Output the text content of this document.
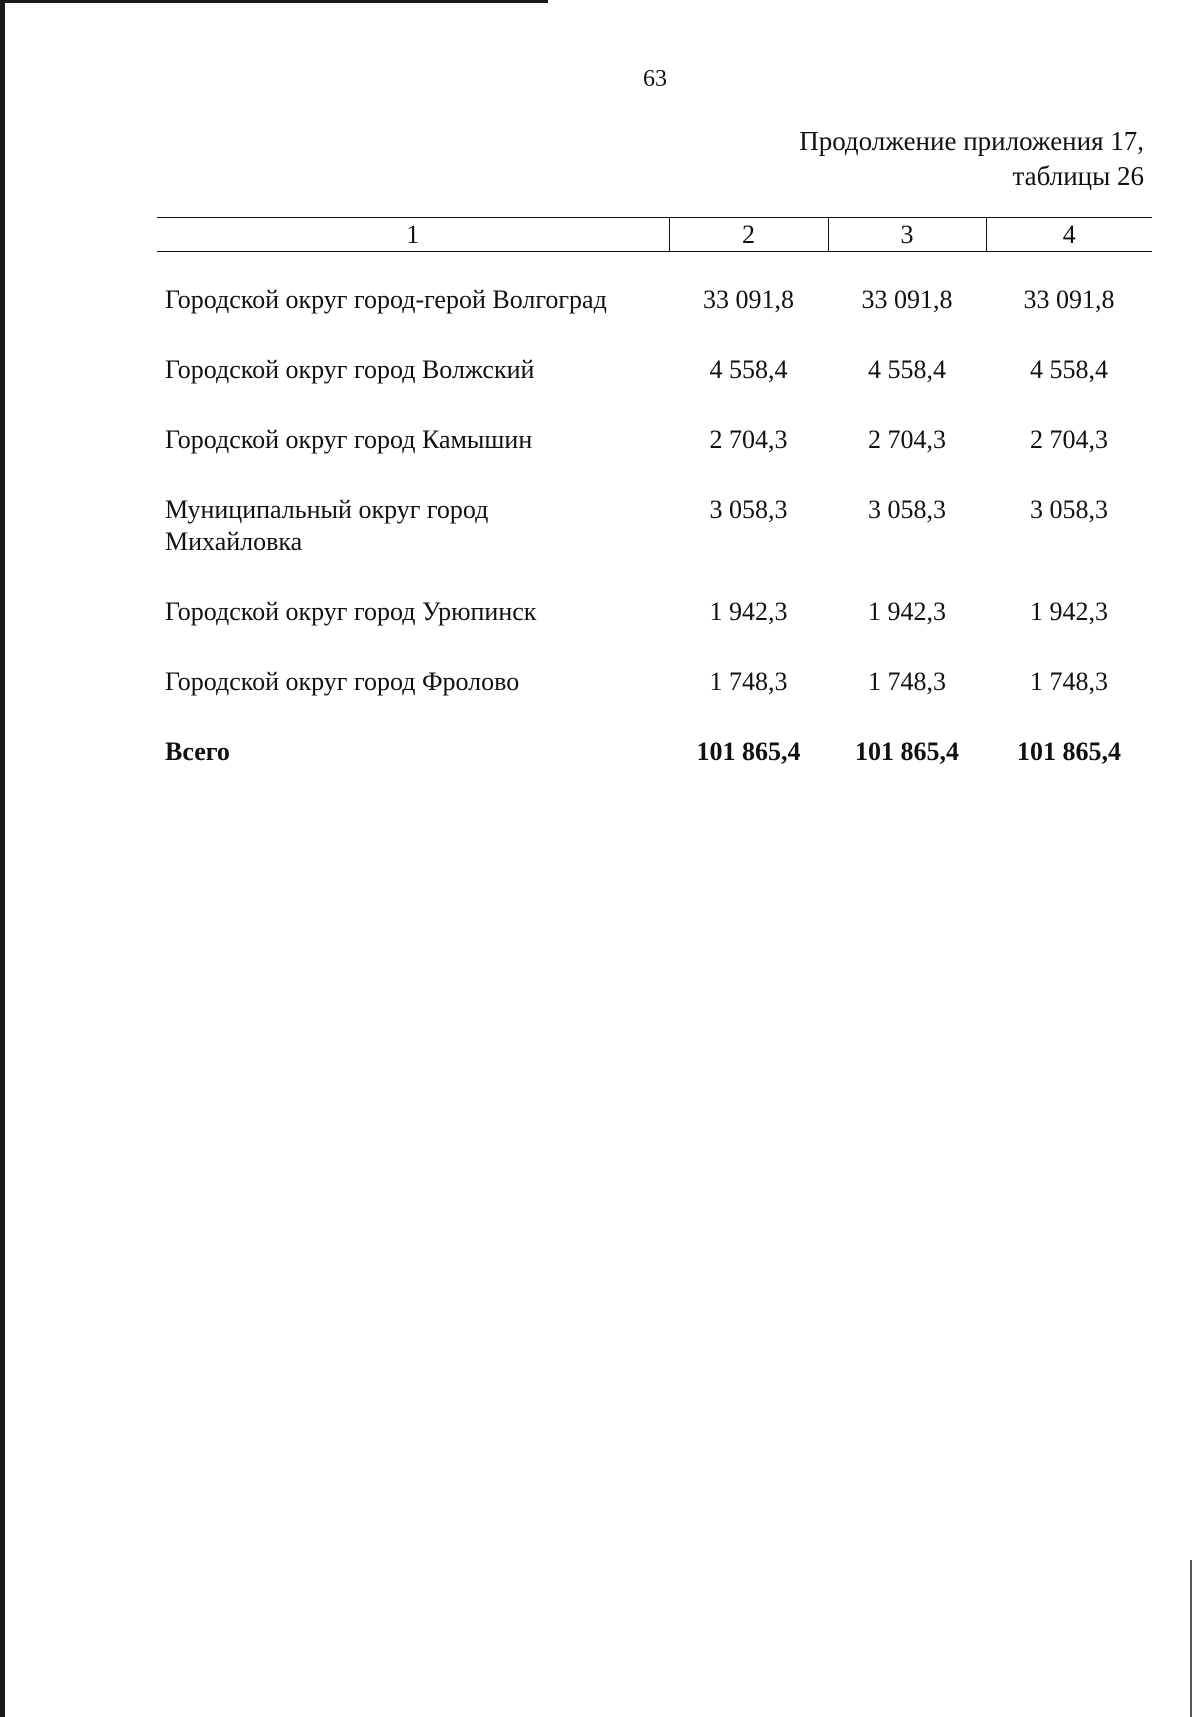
63
Продолжение приложения 17,
таблицы 26
1	2	3	4
Городской округ город-герой Волгоград	33 091,8	33 091,8	33 091,8
Городской округ город Волжский	4 558,4	4 558,4	4 558,4
Городской округ город Камышин	2 704,3	2 704,3	2 704,3

Муниципальный округ город
Михайловка	3 058,3	3 058,3	3 058,3
Городской округ город Урюпинск	1 942,3	1 942,3	1 942,3
Городской округ город Фролово	1 748,3	1 748,3	1 748,3
Всего	101 865,4	101 865,4	101 865,4
